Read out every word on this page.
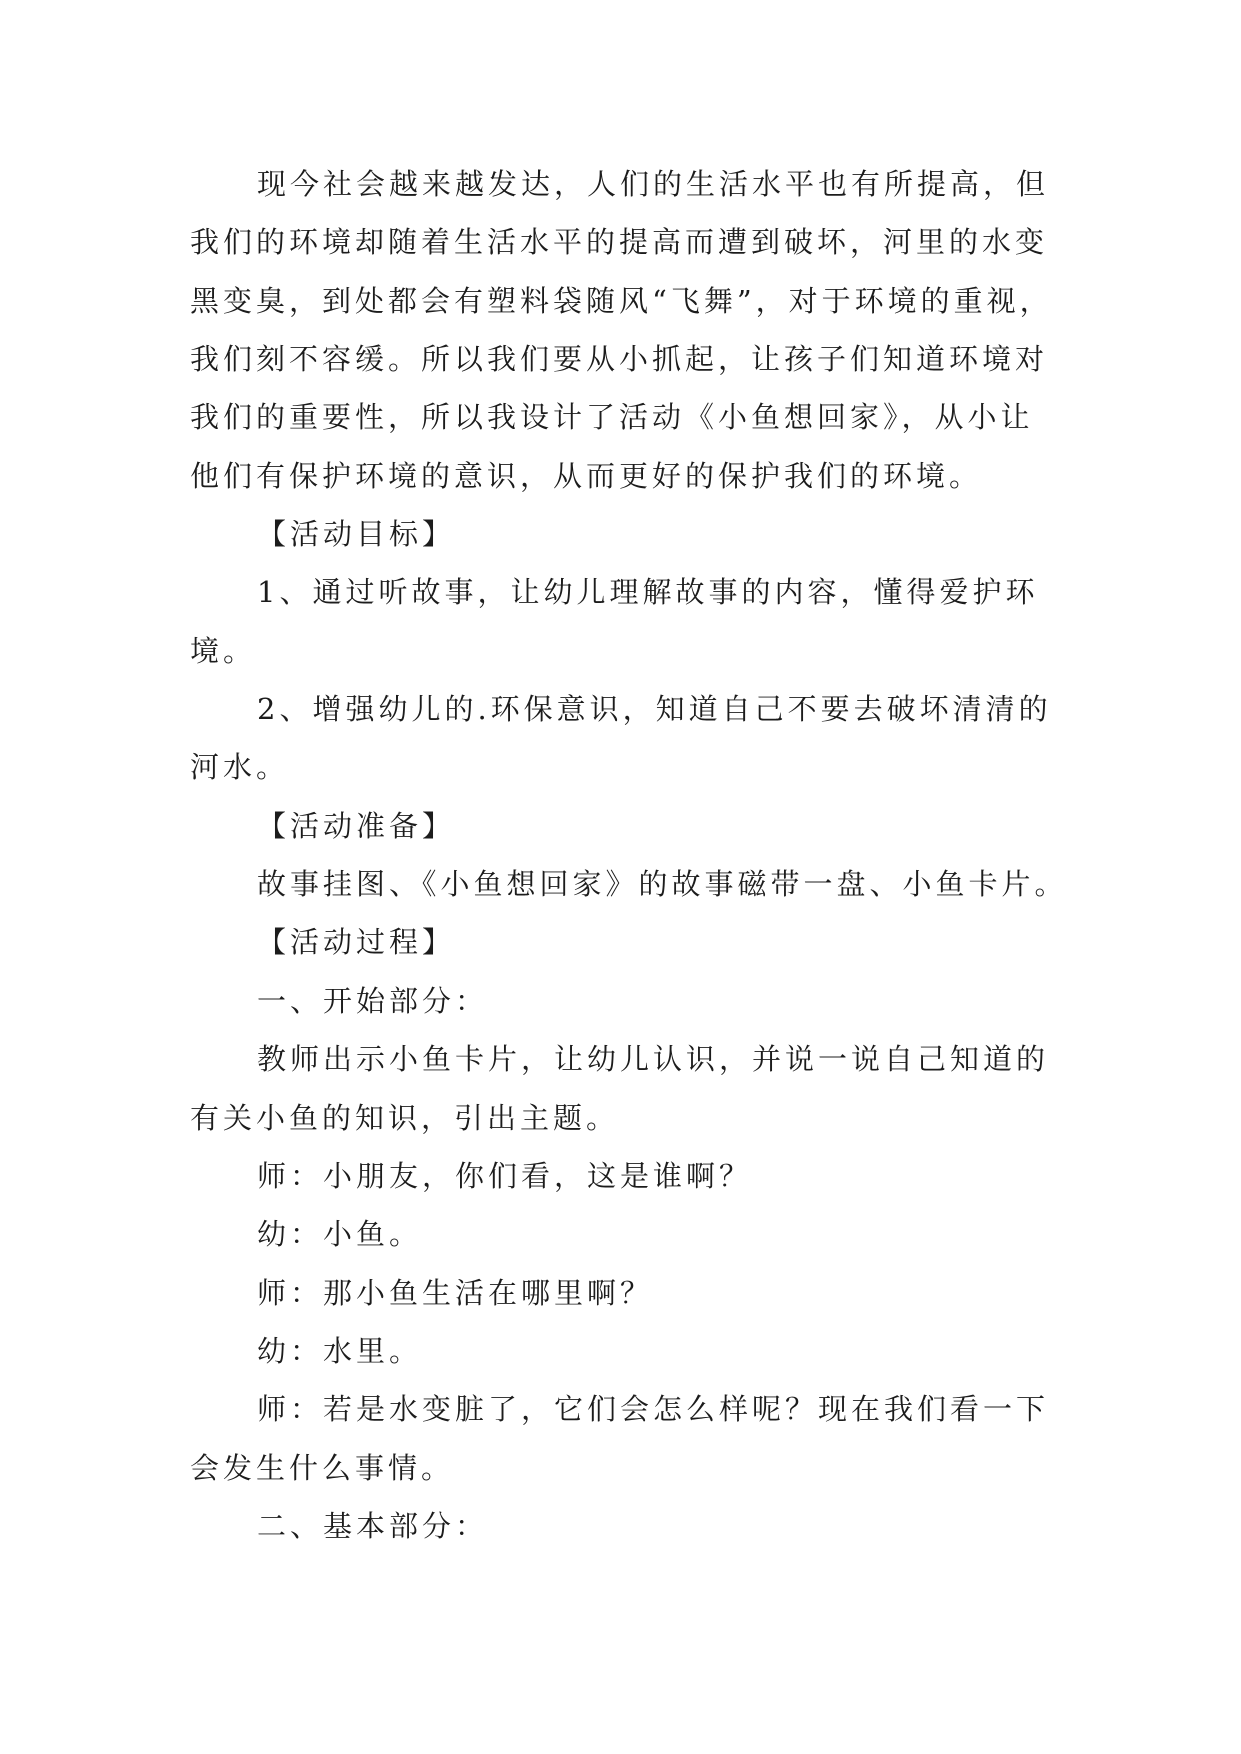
现今社会越来越发达，人们的生活水平也有所提高，但
我们的环境却随着生活水平的提高而遭到破坏，河里的水变
黑变臭，到处都会有塑料袋随风“飞舞”，对于环境的重视，
我们刻不容缓。所以我们要从小抓起，让孩子们知道环境对
我们的重要性，所以我设计了活动《小鱼想回家》，从小让
他们有保护环境的意识，从而更好的保护我们的环境。
【活动目标】
1、通过听故事，让幼儿理解故事的内容，懂得爱护环
境。
2、增强幼儿的.环保意识，知道自己不要去破坏清清的
河水。
【活动准备】
故事挂图、《小鱼想回家》的故事磁带一盘、小鱼卡片。
【活动过程】
一、开始部分：
教师出示小鱼卡片，让幼儿认识，并说一说自己知道的
有关小鱼的知识，引出主题。
师：小朋友，你们看，这是谁啊？
幼：小鱼。
师：那小鱼生活在哪里啊？
幼：水里。
师：若是水变脏了，它们会怎么样呢？现在我们看一下
会发生什么事情。
二、基本部分：
